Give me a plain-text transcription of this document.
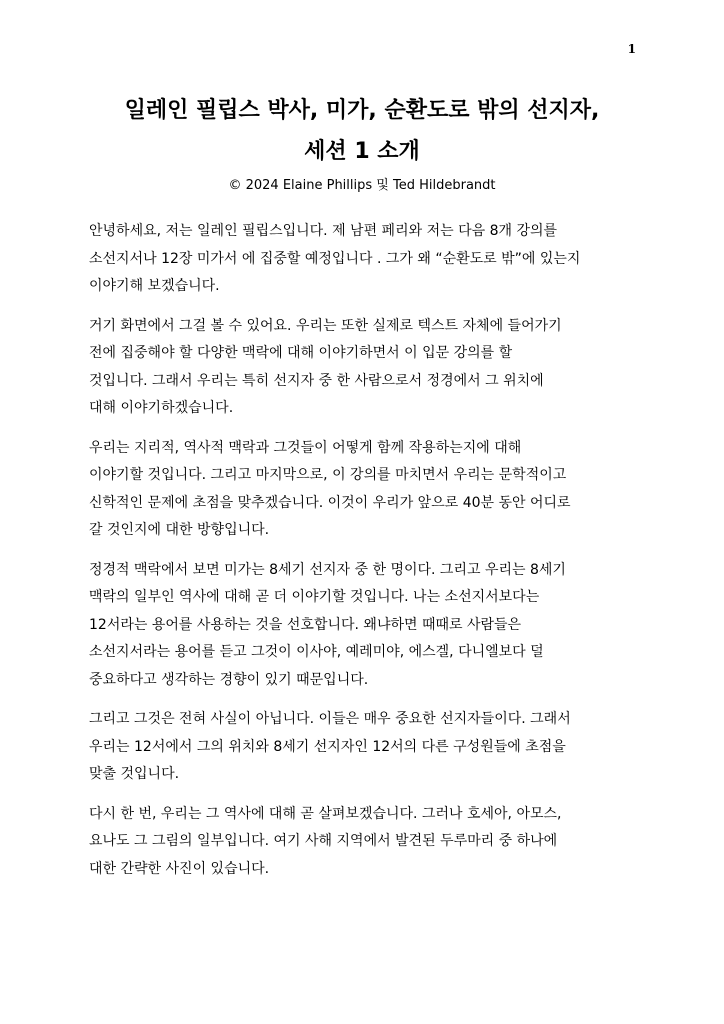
1
일레인 필립스 박사, 미가, 순환도로 밖의 선지자,
세션 1 소개
© 2024 Elaine Phillips 및 Ted Hildebrandt
안녕하세요, 저는 일레인 필립스입니다. 제 남편 페리와 저는 다음 8개 강의를
소선지서나 12장 미가서 에 집중할 예정입니다 . 그가 왜 “순환도로 밖”에 있는지
이야기해 보겠습니다.
거기 화면에서 그걸 볼 수 있어요. 우리는 또한 실제로 텍스트 자체에 들어가기
전에 집중해야 할 다양한 맥락에 대해 이야기하면서 이 입문 강의를 할
것입니다. 그래서 우리는 특히 선지자 중 한 사람으로서 정경에서 그 위치에
대해 이야기하겠습니다.
우리는 지리적, 역사적 맥락과 그것들이 어떻게 함께 작용하는지에 대해
이야기할 것입니다. 그리고 마지막으로, 이 강의를 마치면서 우리는 문학적이고
신학적인 문제에 초점을 맞추겠습니다. 이것이 우리가 앞으로 40분 동안 어디로
갈 것인지에 대한 방향입니다.
정경적 맥락에서 보면 미가는 8세기 선지자 중 한 명이다. 그리고 우리는 8세기
맥락의 일부인 역사에 대해 곧 더 이야기할 것입니다. 나는 소선지서보다는
12서라는 용어를 사용하는 것을 선호합니다. 왜냐하면 때때로 사람들은
소선지서라는 용어를 듣고 그것이 이사야, 예레미야, 에스겔, 다니엘보다 덜
중요하다고 생각하는 경향이 있기 때문입니다.
그리고 그것은 전혀 사실이 아닙니다. 이들은 매우 중요한 선지자들이다. 그래서
우리는 12서에서 그의 위치와 8세기 선지자인 12서의 다른 구성원들에 초점을
맞출 것입니다.
다시 한 번, 우리는 그 역사에 대해 곧 살펴보겠습니다. 그러나 호세아, 아모스,
요나도 그 그림의 일부입니다. 여기 사해 지역에서 발견된 두루마리 중 하나에
대한 간략한 사진이 있습니다.
